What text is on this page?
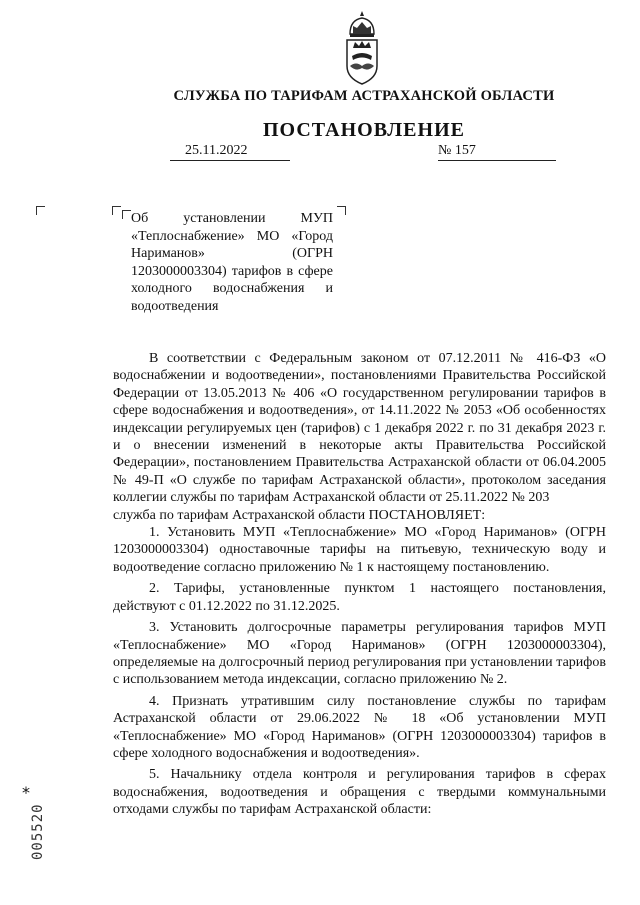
СЛУЖБА ПО ТАРИФАМ АСТРАХАНСКОЙ ОБЛАСТИ
ПОСТАНОВЛЕНИЕ
25.11.2022	№ 157
Об установлении МУП «Теплоснабжение» МО «Город Нариманов» (ОГРН 1203000003304) тарифов в сфере холодного водоснабжения и водоотведения

В соответствии с Федеральным законом от 07.12.2011 № 416-ФЗ «О водоснабжении и водоотведении», постановлениями Правительства Российской Федерации от 13.05.2013 № 406 «О государственном регулировании тарифов в сфере водоснабжения и водоотведения», от 14.11.2022 № 2053 «Об особенностях индексации регулируемых цен (тарифов) с 1 декабря 2022 г. по 31 декабря 2023 г. и о внесении изменений в некоторые акты Правительства Российской Федерации», постановлением Правительства Астраханской области от 06.04.2005 № 49-П «О службе по тарифам Астраханской области», протоколом заседания коллегии службы по тарифам Астраханской области от 25.11.2022 № 203

служба по тарифам Астраханской области ПОСТАНОВЛЯЕТ:

1. Установить МУП «Теплоснабжение» МО «Город Нариманов» (ОГРН 1203000003304) одноставочные тарифы на питьевую, техническую воду и водоотведение согласно приложению № 1 к настоящему постановлению.

2. Тарифы, установленные пунктом 1 настоящего постановления, действуют с 01.12.2022 по 31.12.2025.

3. Установить долгосрочные параметры регулирования тарифов МУП «Теплоснабжение» МО «Город Нариманов» (ОГРН 1203000003304), определяемые на долгосрочный период регулирования при установлении тарифов с использованием метода индексации, согласно приложению № 2.

4. Признать утратившим силу постановление службы по тарифам Астраханской области от 29.06.2022 № 18 «Об установлении МУП «Теплоснабжение» МО «Город Нариманов» (ОГРН 1203000003304) тарифов в сфере холодного водоснабжения и водоотведения».

5. Начальнику отдела контроля и регулирования тарифов в сферах водоснабжения, водоотведения и обращения с твердыми коммунальными отходами службы по тарифам Астраханской области:

*
005520
